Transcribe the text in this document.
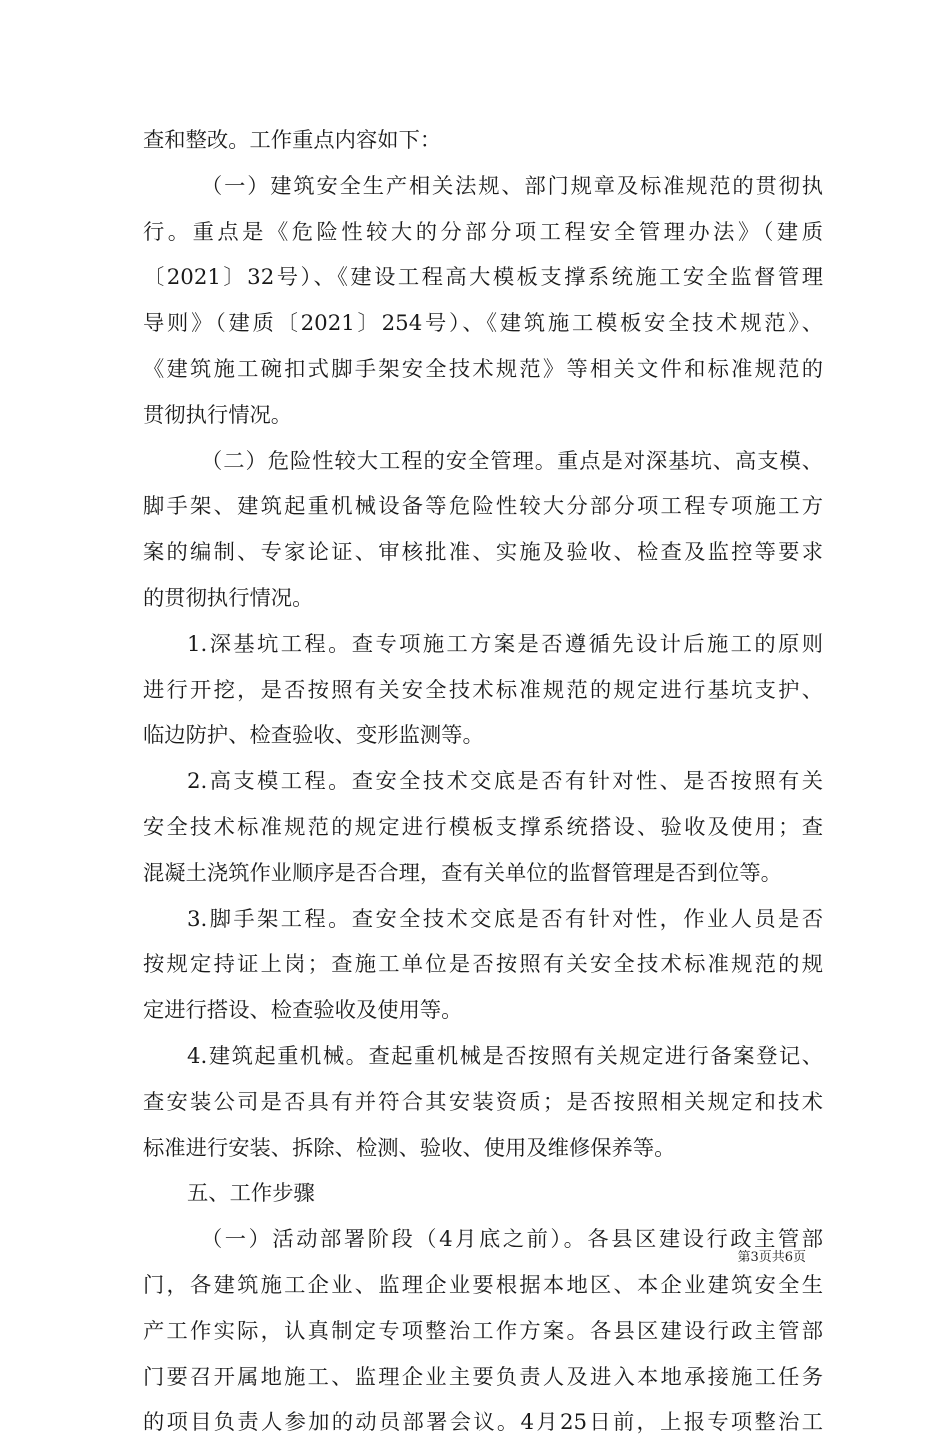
查和整改。工作重点内容如下：
（一）建筑安全生产相关法规、部门规章及标准规范的贯彻执
行。重点是《危险性较大的分部分项工程安全管理办法》（建质
〔2021〕32号）、《建设工程高大模板支撑系统施工安全监督管理
导则》（建质〔2021〕254号）、《建筑施工模板安全技术规范》、
《建筑施工碗扣式脚手架安全技术规范》等相关文件和标准规范的
贯彻执行情况。
（二）危险性较大工程的安全管理。重点是对深基坑、高支模、
脚手架、建筑起重机械设备等危险性较大分部分项工程专项施工方
案的编制、专家论证、审核批准、实施及验收、检查及监控等要求
的贯彻执行情况。
1.深基坑工程。查专项施工方案是否遵循先设计后施工的原则
进行开挖，是否按照有关安全技术标准规范的规定进行基坑支护、
临边防护、检查验收、变形监测等。
2.高支模工程。查安全技术交底是否有针对性、是否按照有关
安全技术标准规范的规定进行模板支撑系统搭设、验收及使用；查
混凝土浇筑作业顺序是否合理，查有关单位的监督管理是否到位等。
3.脚手架工程。查安全技术交底是否有针对性，作业人员是否
按规定持证上岗；查施工单位是否按照有关安全技术标准规范的规
定进行搭设、检查验收及使用等。
4.建筑起重机械。查起重机械是否按照有关规定进行备案登记、
查安装公司是否具有并符合其安装资质；是否按照相关规定和技术
标准进行安装、拆除、检测、验收、使用及维修保养等。
五、工作步骤
（一）活动部署阶段（4月底之前）。各县区建设行政主管部
门，各建筑施工企业、监理企业要根据本地区、本企业建筑安全生
产工作实际，认真制定专项整治工作方案。各县区建设行政主管部
门要召开属地施工、监理企业主要负责人及进入本地承接施工任务
的项目负责人参加的动员部署会议。4月25日前，上报专项整治工
第3页共6页
